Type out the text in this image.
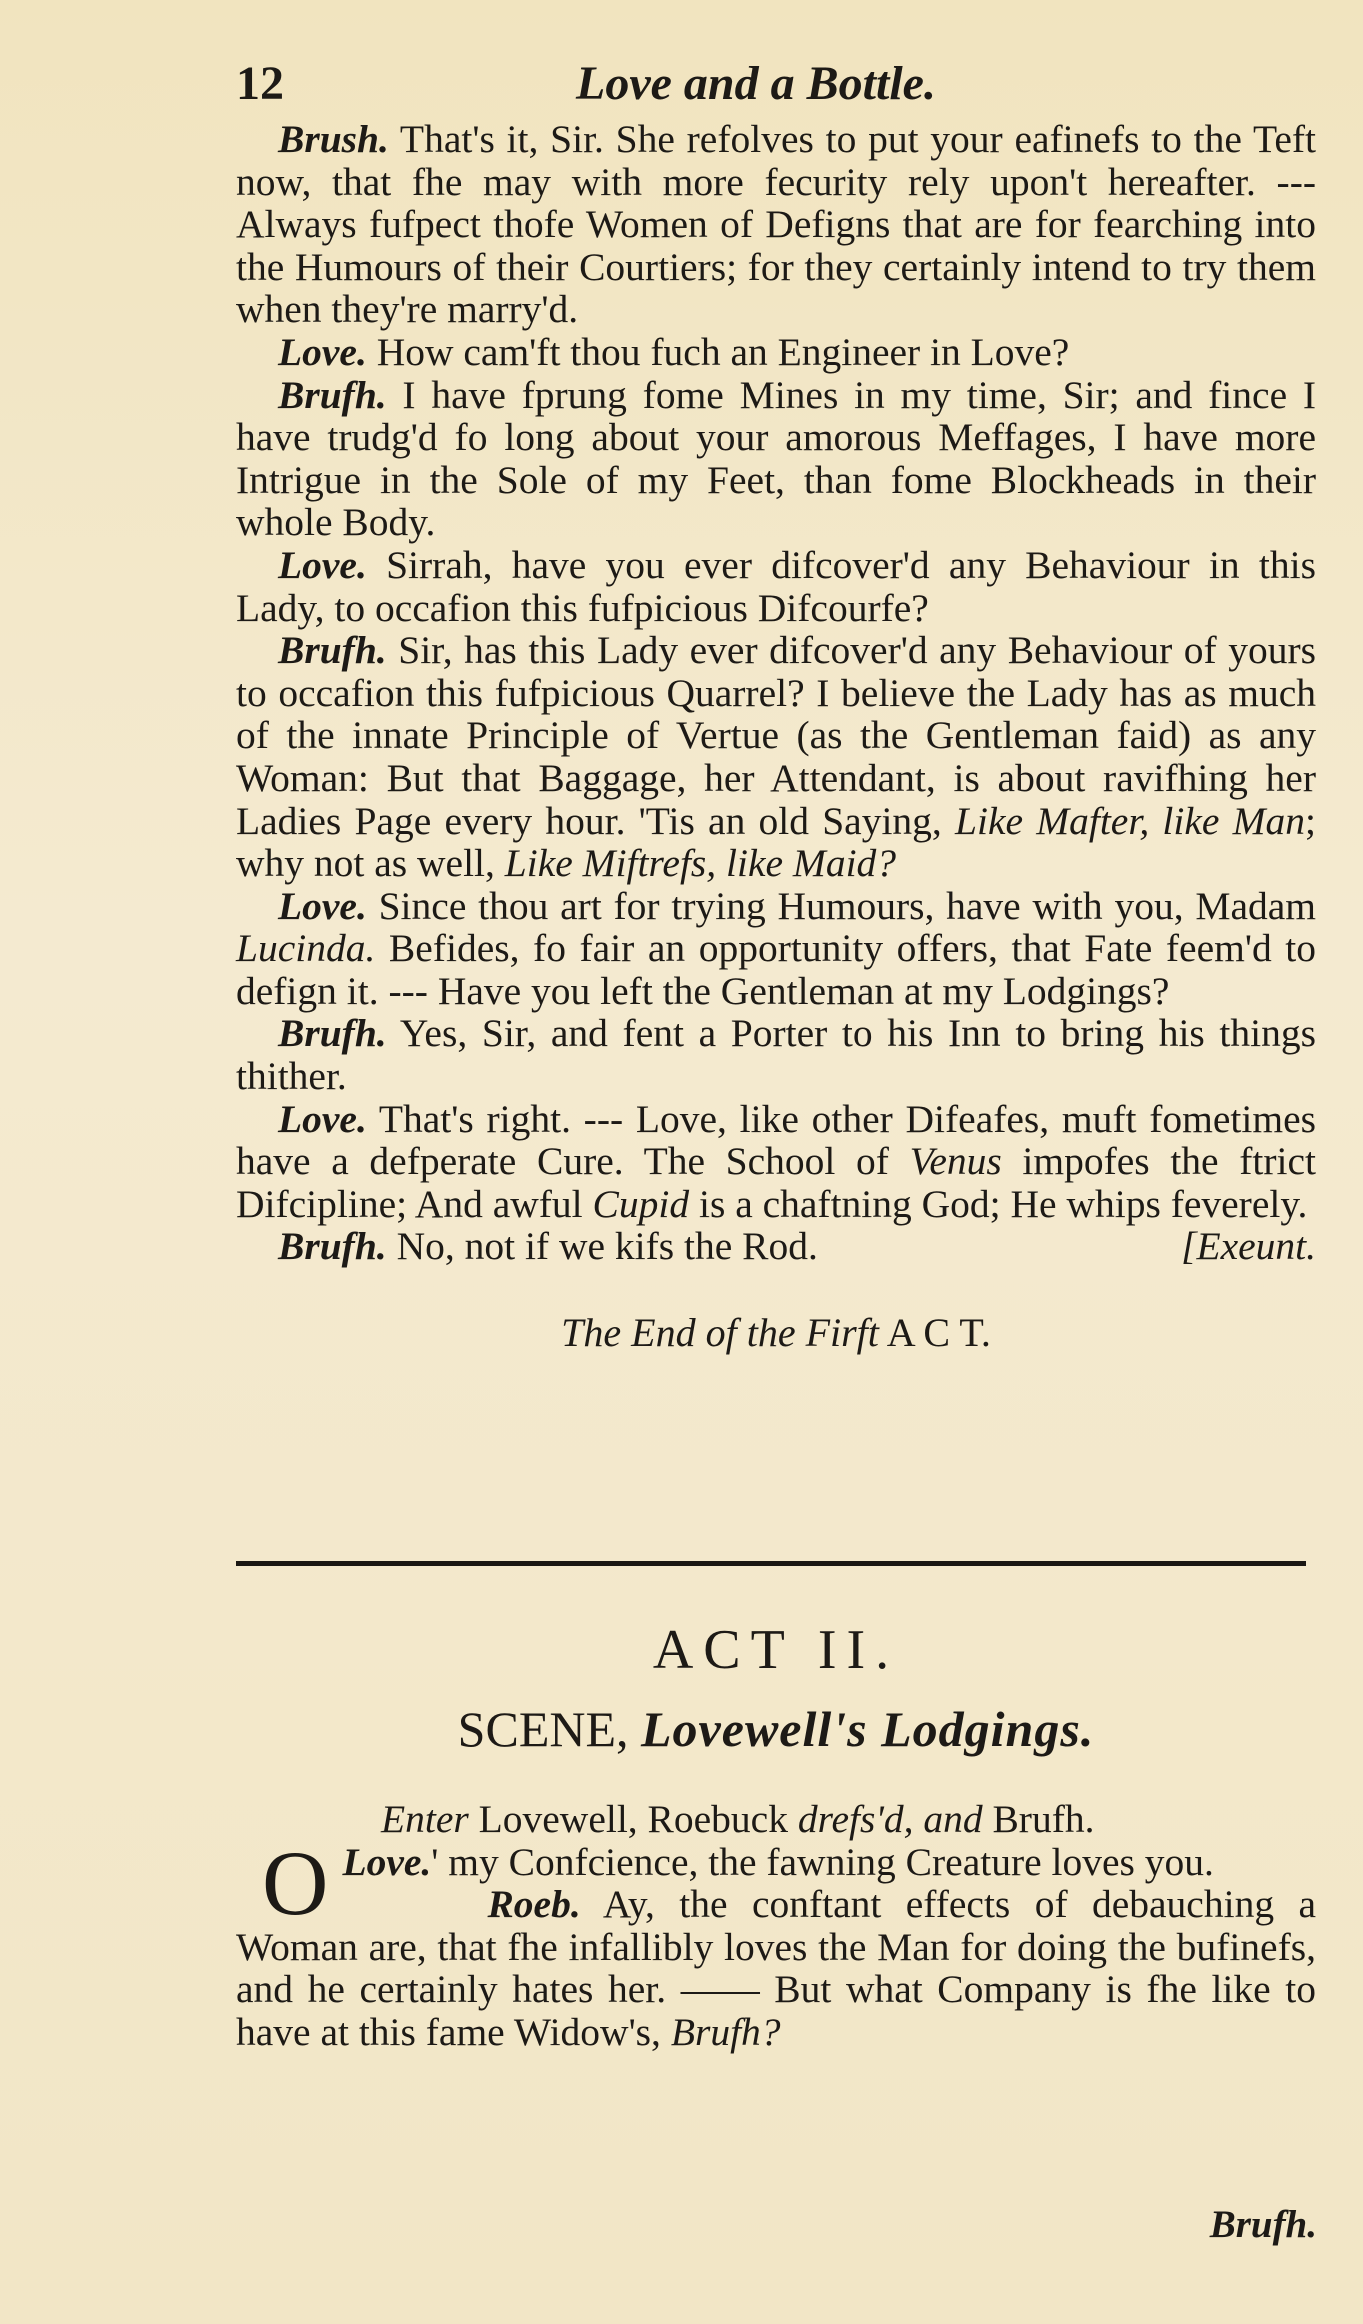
12	Love and a Bottle.

Brush. That's it, Sir. She refolves to put your eafinefs to the Teft now, that fhe may with more fecurity rely upon't hereafter. --- Always fufpect thofe Women of Defigns that are for fearching into the Humours of their Courtiers; for they certainly intend to try them when they're marry'd.

Love. How cam'ft thou fuch an Engineer in Love?

Brufh. I have fprung fome Mines in my time, Sir; and fince I have trudg'd fo long about your amorous Meffages, I have more Intrigue in the Sole of my Feet, than fome Blockheads in their whole Body.

Love. Sirrah, have you ever difcover'd any Behaviour in this Lady, to occafion this fufpicious Difcourfe?

Brufh. Sir, has this Lady ever difcover'd any Behaviour of yours to occafion this fufpicious Quarrel? I believe the Lady has as much of the innate Principle of Vertue (as the Gentleman faid) as any Woman: But that Baggage, her Attendant, is about ravifhing her Ladies Page every hour. 'Tis an old Saying, Like Mafter, like Man; why not as well, Like Miftrefs, like Maid?

Love. Since thou art for trying Humours, have with you, Madam Lucinda. Befides, fo fair an opportunity offers, that Fate feem'd to defign it. --- Have you left the Gentleman at my Lodgings?

Brufh. Yes, Sir, and fent a Porter to his Inn to bring his things thither.

Love. That's right. --- Love, like other Difeafes, muft fometimes have a defperate Cure. The School of Venus impofes the ftrict Difcipline; And awful Cupid is a chaftning God; He whips feverely.

Brufh. No, not if we kifs the Rod.	[Exeunt.

The End of the Firft A C T.

ACT II.
SCENE, Lovewell's Lodgings.

Enter Lovewell, Roebuck drefs'd, and Brufh.

Love.
O	' my Confcience, the fawning Creature loves you.

Roeb. Ay, the conftant effects of debauching a Woman are, that fhe infallibly loves the Man for doing the bufinefs, and he certainly hates her. —— But what Company is fhe like to have at this fame Widow's, Brufh?

Brufh.
